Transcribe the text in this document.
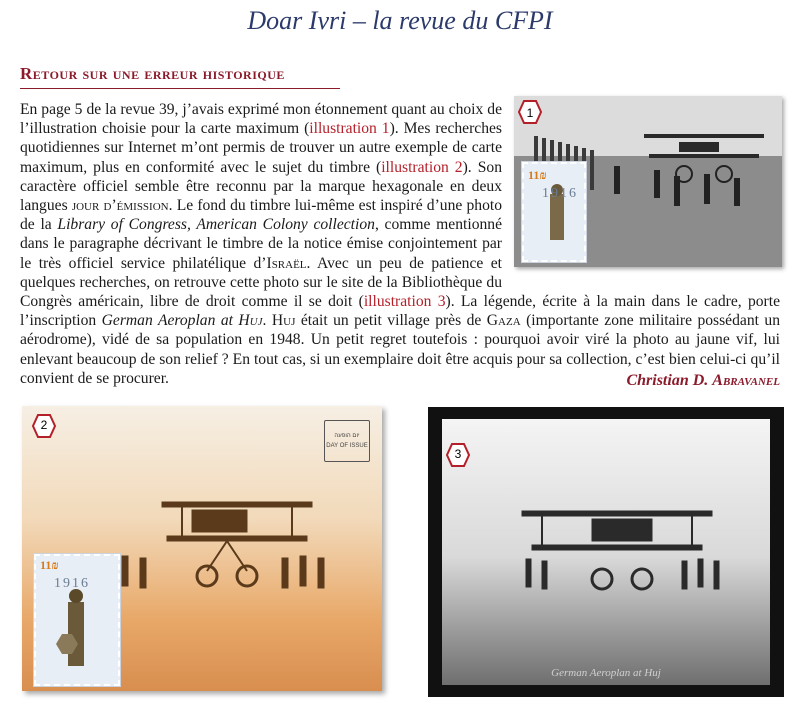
Doar Ivri – la revue du CFPI
Retour sur une erreur historique
11₪
1916
1
En page 5 de la revue 39, j’avais exprimé mon étonnement quant au choix de l’illustration choisie pour la carte maximum (illustration 1). Mes recherches quotidiennes sur Internet m’ont permis de trouver un autre exemple de carte maximum, plus en conformité avec le sujet du timbre (illustration 2). Son caractère officiel semble être reconnu par la marque hexagonale en deux langues jour d’émission. Le fond du timbre lui-même est inspiré d’une photo de la Library of Congress, American Colony collection, comme mentionné dans le paragraphe décrivant le timbre de la notice émise conjointement par le très officiel service philatélique d’Israël. Avec un peu de patience et quelques recherches, on retrouve cette photo sur le site de la Bibliothèque du Congrès américain, libre de droit comme il se doit (illustration 3). La légende, écrite à la main dans le cadre, porte l’inscription German Aeroplan at Huj. Huj était un petit village près de Gaza (importante zone militaire possédant un aérodrome), vidé de sa population en 1948. Un petit regret toutefois : pourquoi avoir viré la photo au jaune vif, lui enlevant beaucoup de son relief ? En tout cas, si un exemplaire doit être acquis pour sa collection, c’est bien celui-ci qu’il convient de se procurer.	Christian D. Abravanel
11₪
1916
יום הופעה
DAY OF ISSUE
2
German Aeroplan at Huj
3
